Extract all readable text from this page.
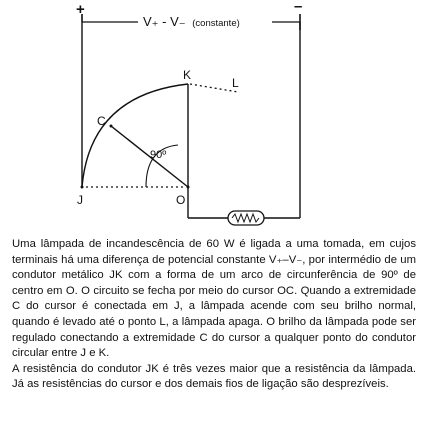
+	–
V₊ - V₋ (constante)
K
L
C
J	O
90º

Uma lâmpada de incandescência de 60 W é ligada a uma tomada, em cujos terminais há uma diferença de potencial constante V₊–V₋, por intermédio de um condutor metálico JK com a forma de um arco de circunferência de 90º de centro em O. O circuito se fecha por meio do cursor OC. Quando a extremidade C do cursor é conectada em J, a lâmpada acende com seu brilho normal, quando é levado até o ponto L, a lâmpada apaga. O brilho da lâmpada pode ser regulado conectando a extremidade C do cursor a qualquer ponto do condutor circular entre J e K.

A resistência do condutor JK é três vezes maior que a resistência da lâmpada. Já as resistências do cursor e dos demais fios de ligação são desprezíveis.
